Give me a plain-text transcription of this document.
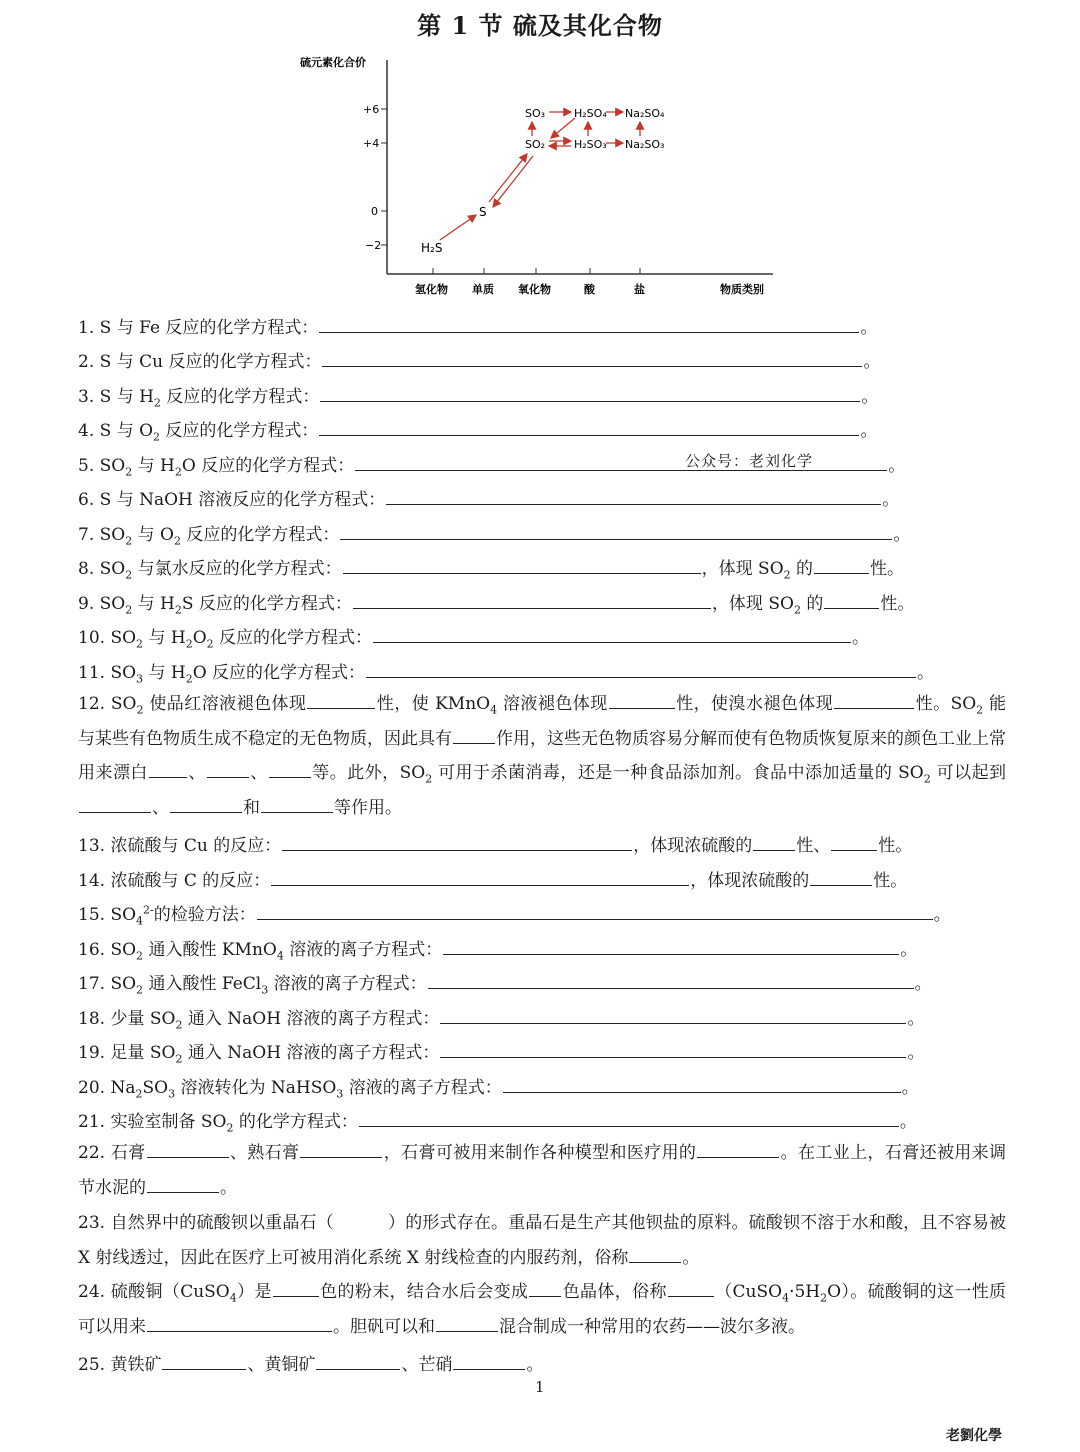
第 1 节 硫及其化合物
硫元素化合价
+6
+4
0
−2
氢化物 单质 氧化物	酸	盐	物质类别
H₂S
S
SO₃	H₂SO₄ Na₂SO₄
SO₂	H₂SO₃ Na₂SO₃
1. S 与 Fe 反应的化学方程式：	。
2. S 与 Cu 反应的化学方程式：	。
3. S 与 $H_2$ 反应的化学方程式：	。
4. S 与 $O_2$ 反应的化学方程式：	。
5. $SO_2$ 与 $H_2O$ 反应的化学方程式：	。
公众号：老刘化学
6. S 与 NaOH 溶液反应的化学方程式：	。
7. $SO_2$ 与 $O_2$ 反应的化学方程式：	。
8. $SO_2$ 与氯水反应的化学方程式：	，体现 $SO_2$ 的	性。
9. $SO_2$ 与 $H_2S$ 反应的化学方程式：	，体现 $SO_2$ 的	性。
10. $SO_2$ 与 $H_2O_2$ 反应的化学方程式：	。
11. $SO_3$ 与 $H_2O$ 反应的化学方程式：	。
12. $SO_2$ 使品红溶液褪色体现	性，使 KMnO$_4$ 溶液褪色体现	性，使溴水褪色体现	性。$SO_2$ 能与某些有色物质生成不稳定的无色物质，因此具有	作用，这些无色物质容易分解而使有色物质恢复原来的颜色工业上常用来漂白 、	、	等。此外，$SO_2$ 可用于杀菌消毒，还是一种食品添加剂。食品中添加适量的 $SO_2$ 可以起到、	和	等作用。
13. 浓硫酸与 Cu 的反应：	，体现浓硫酸的	性、	性。
14. 浓硫酸与 C 的反应：	，体现浓硫酸的	性。
15. $SO_4^{2-}$的检验方法：	。
16. $SO_2$ 通入酸性 KMnO$_4$ 溶液的离子方程式：	。
17. $SO_2$ 通入酸性 FeCl$_3$ 溶液的离子方程式：	。
18. 少量 $SO_2$ 通入 NaOH 溶液的离子方程式：	。
19. 足量 $SO_2$ 通入 NaOH 溶液的离子方程式：	。
20. $Na_2SO_3$ 溶液转化为 NaHSO$_3$ 溶液的离子方程式：	。
21. 实验室制备 $SO_2$ 的化学方程式：	。
22. 石膏	、熟石膏	，石膏可被用来制作各种模型和医疗用的	。在工业上，石膏还被用来调节水泥的	。
23. 自然界中的硫酸钡以重晶石（	）的形式存在。重晶石是生产其他钡盐的原料。硫酸钡不溶于水和酸，且不容易被 X 射线透过，因此在医疗上可被用消化系统 X 射线检查的内服药剂，俗称	。
24. 硫酸铜（CuSO$_4$）是	色的粉末，结合水后会变成 色晶体，俗称	$(CuSO_4\cdot 5H_2O)$。硫酸铜的这一性质可以用来	。胆矾可以和	混合制成一种常用的农药——波尔多液。
25. 黄铁矿	、黄铜矿	、芒硝	。
1
老劉化學
